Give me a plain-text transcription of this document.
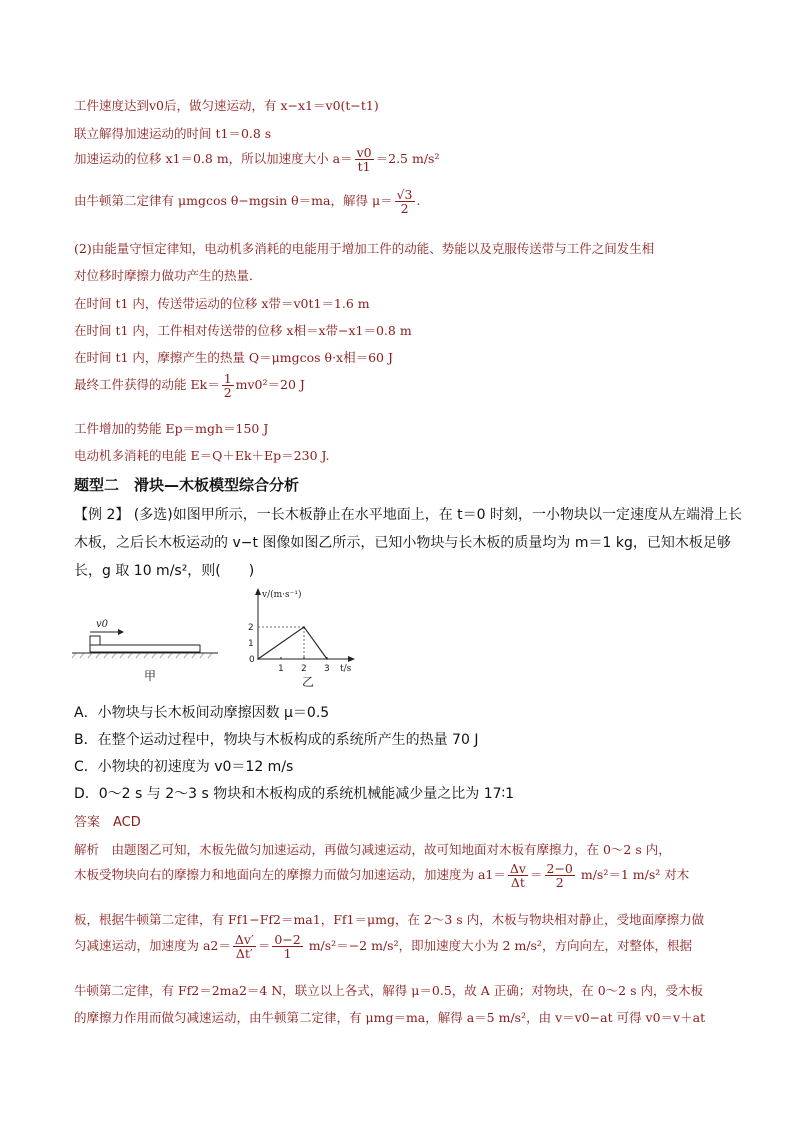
工件速度达到v0后，做匀速运动，有 x−x1＝v0(t−t1)
联立解得加速运动的时间 t1＝0.8 s
加速运动的位移 x1＝0.8 m，所以加速度大小 $a= \frac{v0}{t1} =2.5$ m/s²
由牛顿第二定律有 μmgcos θ−mgsin θ＝ma，解得 $\mu= \frac{√3}{2}$ .
(2)由能量守恒定律知，电动机多消耗的电能用于增加工件的动能、势能以及克服传送带与工件之间发生相
对位移时摩擦力做功产生的热量．
在时间 t1 内，传送带运动的位移 x带＝v0t1＝1.6 m
在时间 t1 内，工件相对传送带的位移 x相＝x带−x1＝0.8 m
在时间 t1 内，摩擦产生的热量 Q＝μmgcos θ·x相＝60 J
最终工件获得的动能 $Ek= \frac{1}{2} mv0^2=20$ J
工件增加的势能 Ep＝mgh＝150 J
电动机多消耗的电能 E＝Q＋Ek＋Ep＝230 J.
题型二　滑块—木板模型综合分析
【例 2】 (多选)如图甲所示，一长木板静止在水平地面上，在 t＝0 时刻，一小物块以一定速度从左端滑上长
木板，之后长木板运动的 v−t 图像如图乙所示，已知小物块与长木板的质量均为 m＝1 kg，已知木板足够
长，g 取 10 m/s²，则(　　)
v0
甲
v/(m·s⁻¹)
t/s
0
1
2
1 2 3
乙
A．小物块与长木板间动摩擦因数 μ＝0.5
B．在整个运动过程中，物块与木板构成的系统所产生的热量 70 J
C．小物块的初速度为 v0＝12 m/s
D．0～2 s 与 2～3 s 物块和木板构成的系统机械能减少量之比为 17∶1
答案　ACD
解析　由题图乙可知，木板先做匀加速运动，再做匀减速运动，故可知地面对木板有摩擦力，在 0～2 s 内，
木板受物块向右的摩擦力和地面向左的摩擦力而做匀加速运动，加速度为 $a1= \frac{\Delta v}{\Delta t} = \frac{2-0}{2} m/s^2=1$ m/s² 对木
板，根据牛顿第二定律，有 Ff1−Ff2＝ma1，Ff1＝μmg，在 2～3 s 内，木板与物块相对静止，受地面摩擦力做
匀减速运动，加速度为 $a2= \frac{\Delta v'}{\Delta t'} = \frac{0-2}{1} m/s^2=-2$ m/s²，即加速度大小为 2 m/s²，方向向左，对整体，根据
牛顿第二定律，有 Ff2＝2ma2＝4 N，联立以上各式，解得 μ＝0.5，故 A 正确；对物块，在 0～2 s 内，受木板
的摩擦力作用而做匀减速运动，由牛顿第二定律，有 μmg＝ma，解得 a＝5 m/s²，由 v＝v0−at 可得 v0＝v＋at
